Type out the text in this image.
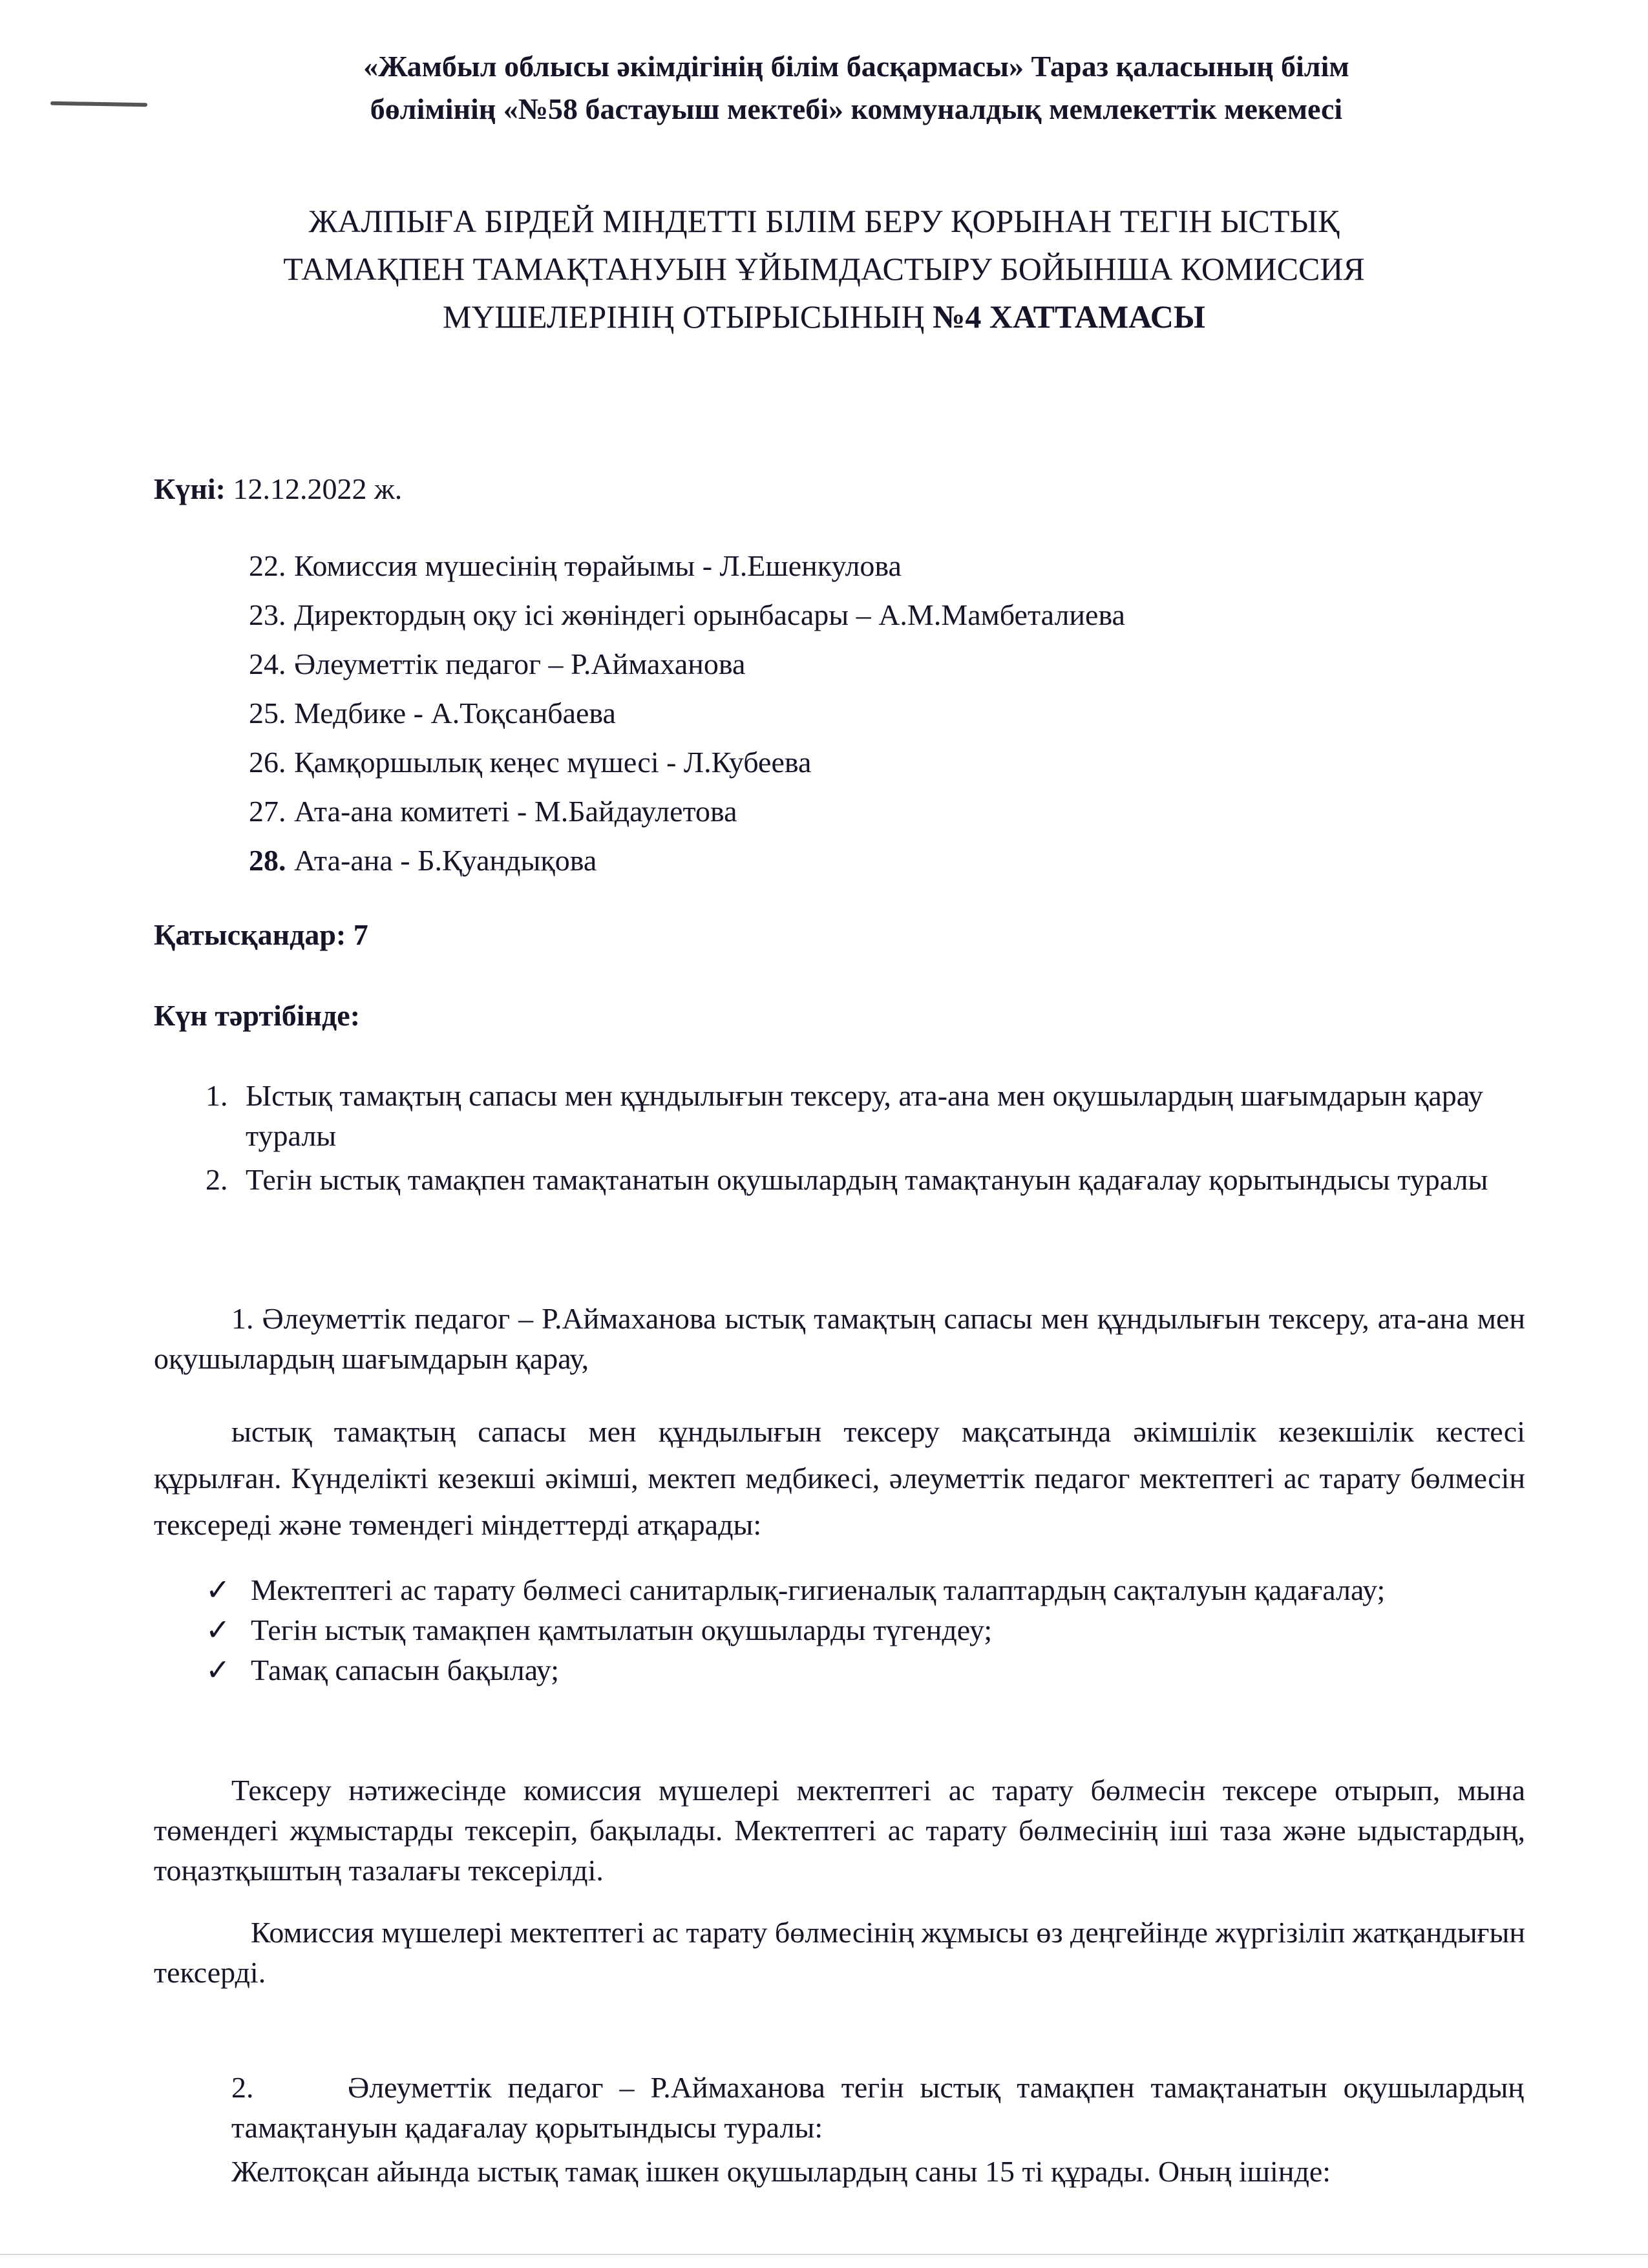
«Жамбыл облысы әкімдігінің білім басқармасы» Тараз қаласының білім
бөлімінің «№58 бастауыш мектебі» коммуналдық мемлекеттік мекемесі
ЖАЛПЫҒА БІРДЕЙ МІНДЕТТІ БІЛІМ БЕРУ ҚОРЫНАН ТЕГІН ЫСТЫҚ
ТАМАҚПЕН ТАМАҚТАНУЫН ҰЙЫМДАСТЫРУ БОЙЫНША КОМИССИЯ
МҮШЕЛЕРІНІҢ ОТЫРЫСЫНЫҢ №4 ХАТТАМАСЫ
Күні: 12.12.2022 ж.
22. Комиссия мүшесінің төрайымы - Л.Ешенкулова
23. Директордың оқу ісі жөніндегі орынбасары – А.М.Мамбеталиева
24. Әлеуметтік педагог – Р.Аймаханова
25. Медбике - А.Тоқсанбаева
26. Қамқоршылық кеңес мүшесі - Л.Кубеева
27. Ата-ана комитеті - М.Байдаулетова
28. Ата-ана - Б.Қуандықова
Қатысқандар: 7
Күн тәртібінде:
1. Ыстық тамақтың сапасы мен құндылығын тексеру, ата-ана мен оқушылардың шағымдарын қарау туралы
2. Тегін ыстық тамақпен тамақтанатын оқушылардың тамақтануын қадағалау қорытындысы туралы
1. Әлеуметтік педагог – Р.Аймаханова ыстық тамақтың сапасы мен құндылығын тексеру, ата-ана мен оқушылардың шағымдарын қарау,
ыстық тамақтың сапасы мен құндылығын тексеру мақсатында әкімшілік кезекшілік кестесі құрылған. Күнделікті кезекші әкімші, мектеп медбикесі, әлеуметтік педагог мектептегі ас тарату бөлмесін тексереді және төмендегі міндеттерді атқарады:
✓ Мектептегі ас тарату бөлмесі санитарлық-гигиеналық талаптардың сақталуын қадағалау;
✓ Тегін ыстық тамақпен қамтылатын оқушыларды түгендеу;
✓ Тамақ сапасын бақылау;
Тексеру нәтижесінде комиссия мүшелері мектептегі ас тарату бөлмесін тексере отырып, мына төмендегі жұмыстарды тексеріп, бақылады. Мектептегі ас тарату бөлмесінің іші таза және ыдыстардың, тоңазтқыштың тазалағы тексерілді.
Комиссия мүшелері мектептегі ас тарату бөлмесінің жұмысы өз деңгейінде жүргізіліп жатқандығын тексерді.
2.	Әлеуметтік педагог – Р.Аймаханова тегін ыстық тамақпен тамақтанатын оқушылардың тамақтануын қадағалау қорытындысы туралы:
Желтоқсан айында ыстық тамақ ішкен оқушылардың саны 15 ті құрады. Оның ішінде:
